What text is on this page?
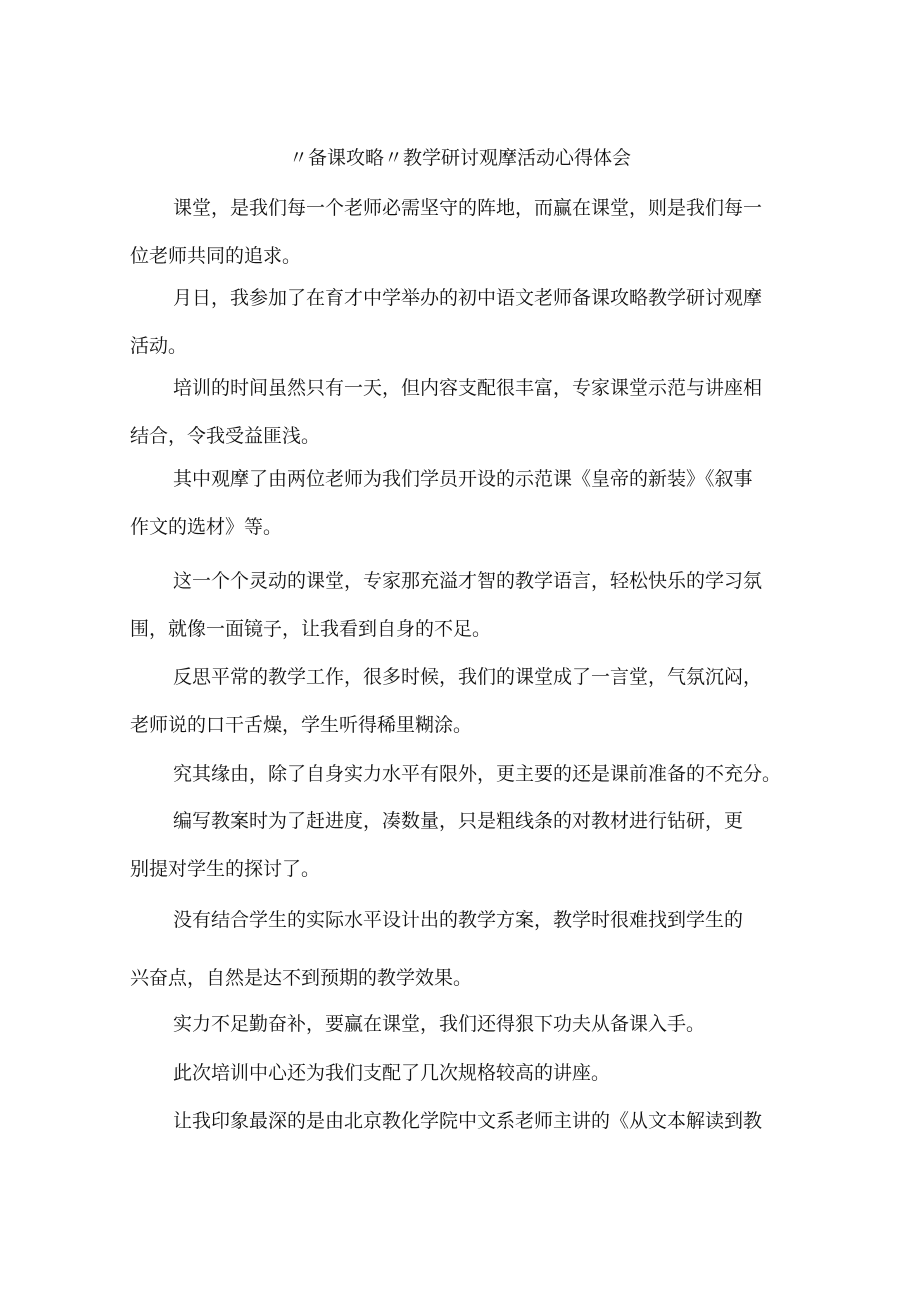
〃备课攻略〃教学研讨观摩活动心得体会

课堂，是我们每一个老师必需坚守的阵地，而赢在课堂，则是我们每一
位老师共同的追求。

月日，我参加了在育才中学举办的初中语文老师备课攻略教学研讨观摩
活动。

培训的时间虽然只有一天，但内容支配很丰富，专家课堂示范与讲座相
结合，令我受益匪浅。

其中观摩了由两位老师为我们学员开设的示范课《皇帝的新装》《叙事
作文的选材》等。

这一个个灵动的课堂，专家那充溢才智的教学语言，轻松快乐的学习氛
围，就像一面镜子，让我看到自身的不足。

反思平常的教学工作，很多时候，我们的课堂成了一言堂，气氛沉闷，
老师说的口干舌燥，学生听得稀里糊涂。

究其缘由，除了自身实力水平有限外，更主要的还是课前准备的不充分。

编写教案时为了赶进度，凑数量，只是粗线条的对教材进行钻研，更
别提对学生的探讨了。

没有结合学生的实际水平设计出的教学方案，教学时很难找到学生的
兴奋点，自然是达不到预期的教学效果。

实力不足勤奋补，要赢在课堂，我们还得狠下功夫从备课入手。

此次培训中心还为我们支配了几次规格较高的讲座。

让我印象最深的是由北京教化学院中文系老师主讲的《从文本解读到教
